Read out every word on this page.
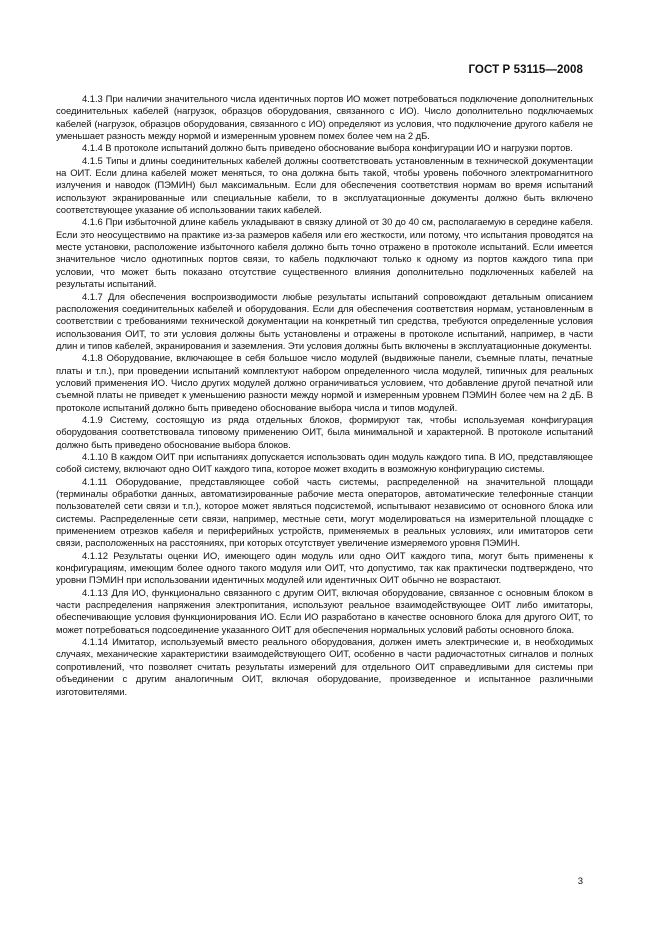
ГОСТ Р 53115—2008

4.1.3 При наличии значительного числа идентичных портов ИО может потребоваться подключение дополнительных соединительных кабелей (нагрузок, образцов оборудования, связанного с ИО). Число дополнительно подключаемых кабелей (нагрузок, образцов оборудования, связанного с ИО) определяют из условия, что подключение другого кабеля не уменьшает разность между нормой и измеренным уровнем помех более чем на 2 дБ.

4.1.4 В протоколе испытаний должно быть приведено обоснование выбора конфигурации ИО и нагрузки портов.

4.1.5 Типы и длины соединительных кабелей должны соответствовать установленным в технической документации на ОИТ. Если длина кабелей может меняться, то она должна быть такой, чтобы уровень побочного электромагнитного излучения и наводок (ПЭМИН) был максимальным. Если для обеспечения соответствия нормам во время испытаний используют экранированные или специальные кабели, то в эксплуатационные документы должно быть включено соответствующее указание об использовании таких кабелей.

4.1.6 При избыточной длине кабель укладывают в связку длиной от 30 до 40 см, располагаемую в середине кабеля. Если это неосуществимо на практике из-за размеров кабеля или его жесткости, или потому, что испытания проводятся на месте установки, расположение избыточного кабеля должно быть точно отражено в протоколе испытаний. Если имеется значительное число однотипных портов связи, то кабель подключают только к одному из портов каждого типа при условии, что может быть показано отсутствие существенного влияния дополнительно подключенных кабелей на результаты испытаний.

4.1.7 Для обеспечения воспроизводимости любые результаты испытаний сопровождают детальным описанием расположения соединительных кабелей и оборудования. Если для обеспечения соответствия нормам, установленным в соответствии с требованиями технической документации на конкретный тип средства, требуются определенные условия использования ОИТ, то эти условия должны быть установлены и отражены в протоколе испытаний, например, в части длин и типов кабелей, экранирования и заземления. Эти условия должны быть включены в эксплуатационные документы.

4.1.8 Оборудование, включающее в себя большое число модулей (выдвижные панели, съемные платы, печатные платы и т.п.), при проведении испытаний комплектуют набором определенного числа модулей, типичных для реальных условий применения ИО. Число других модулей должно ограничиваться условием, что добавление другой печатной или съемной платы не приведет к уменьшению разности между нормой и измеренным уровнем ПЭМИН более чем на 2 дБ. В протоколе испытаний должно быть приведено обоснование выбора числа и типов модулей.

4.1.9 Систему, состоящую из ряда отдельных блоков, формируют так, чтобы используемая конфигурация оборудования соответствовала типовому применению ОИТ, была минимальной и характерной. В протоколе испытаний должно быть приведено обоснование выбора блоков.

4.1.10 В каждом ОИТ при испытаниях допускается использовать один модуль каждого типа. В ИО, представляющее собой систему, включают одно ОИТ каждого типа, которое может входить в возможную конфигурацию системы.

4.1.11 Оборудование, представляющее собой часть системы, распределенной на значительной площади (терминалы обработки данных, автоматизированные рабочие места операторов, автоматические телефонные станции пользователей сети связи и т.п.), которое может являться подсистемой, испытывают независимо от основного блока или системы. Распределенные сети связи, например, местные сети, могут моделироваться на измерительной площадке с применением отрезков кабеля и периферийных устройств, применяемых в реальных условиях, или имитаторов сети связи, расположенных на расстояниях, при которых отсутствует увеличение измеряемого уровня ПЭМИН.

4.1.12 Результаты оценки ИО, имеющего один модуль или одно ОИТ каждого типа, могут быть применены к конфигурациям, имеющим более одного такого модуля или ОИТ, что допустимо, так как практически подтверждено, что уровни ПЭМИН при использовании идентичных модулей или идентичных ОИТ обычно не возрастают.

4.1.13 Для ИО, функционально связанного с другим ОИТ, включая оборудование, связанное с основным блоком в части распределения напряжения электропитания, используют реальное взаимодействующее ОИТ либо имитаторы, обеспечивающие условия функционирования ИО. Если ИО разработано в качестве основного блока для другого ОИТ, то может потребоваться подсоединение указанного ОИТ для обеспечения нормальных условий работы основного блока.

4.1.14 Имитатор, используемый вместо реального оборудования, должен иметь электрические и, в необходимых случаях, механические характеристики взаимодействующего ОИТ, особенно в части радиочастотных сигналов и полных сопротивлений, что позволяет считать результаты измерений для отдельного ОИТ справедливыми для системы при объединении с другим аналогичным ОИТ, включая оборудование, произведенное и испытанное различными изготовителями.

3
